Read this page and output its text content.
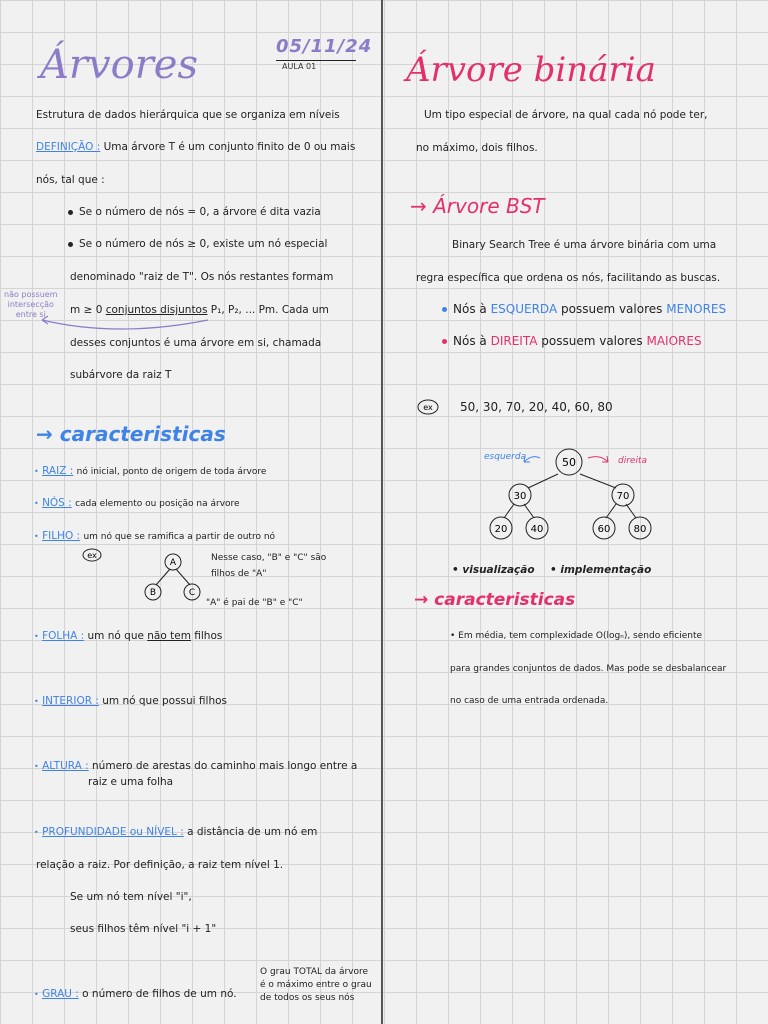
Árvores	05/11/24
AULA 01
Estrutura de dados hierárquica que se organiza em níveis
DEFINIÇÃO : Uma árvore T é um conjunto finito de 0 ou mais
nós, tal que :
Se o número de nós = 0, a árvore é dita vazia
Se o número de nós ≥ 0, existe um nó especial
denominado "raiz de T". Os nós restantes formam
m ≥ 0 conjuntos disjuntos P₁, P₂, ... Pm. Cada um
desses conjuntos é uma árvore em si, chamada
subárvore da raiz T
não possuem
intersecção
entre si
→ caracteristicas
• RAIZ : nó inicial, ponto de origem de toda árvore
• NÓS : cada elemento ou posição na árvore
• FILHO : um nó que se ramifica a partir de outro nó
ex
A
B	C
Nesse caso, "B" e "C" são
filhos de "A"
"A" é pai de "B" e "C"
• FOLHA : um nó que não tem filhos
• INTERIOR : um nó que possui filhos
• ALTURA : número de arestas do caminho mais longo entre a
raiz e uma folha
• PROFUNDIDADE ou NÍVEL : a distância de um nó em
relação a raiz. Por definição, a raiz tem nível 1.
Se um nó tem nível "i",
seus filhos têm nível "i + 1"
• GRAU : o número de filhos de um nó.
O grau TOTAL da árvore
é o máximo entre o grau
de todos os seus nós
Árvore binária
Um tipo especial de árvore, na qual cada nó pode ter,
no máximo, dois filhos.
→ Árvore BST
Binary Search Tree é uma árvore binária com uma
regra específica que ordena os nós, facilitando as buscas.
Nós à ESQUERDA possuem valores MENORES
Nós à DIREITA possuem valores MAIORES
ex 50, 30, 70, 20, 40, 60, 80
esquerda	direita
50
30	70
20 40	60 80
• visualização • implementação
→ caracteristicas
• Em média, tem complexidade O(logₙ), sendo eficiente
para grandes conjuntos de dados. Mas pode se desbalancear
no caso de uma entrada ordenada.
